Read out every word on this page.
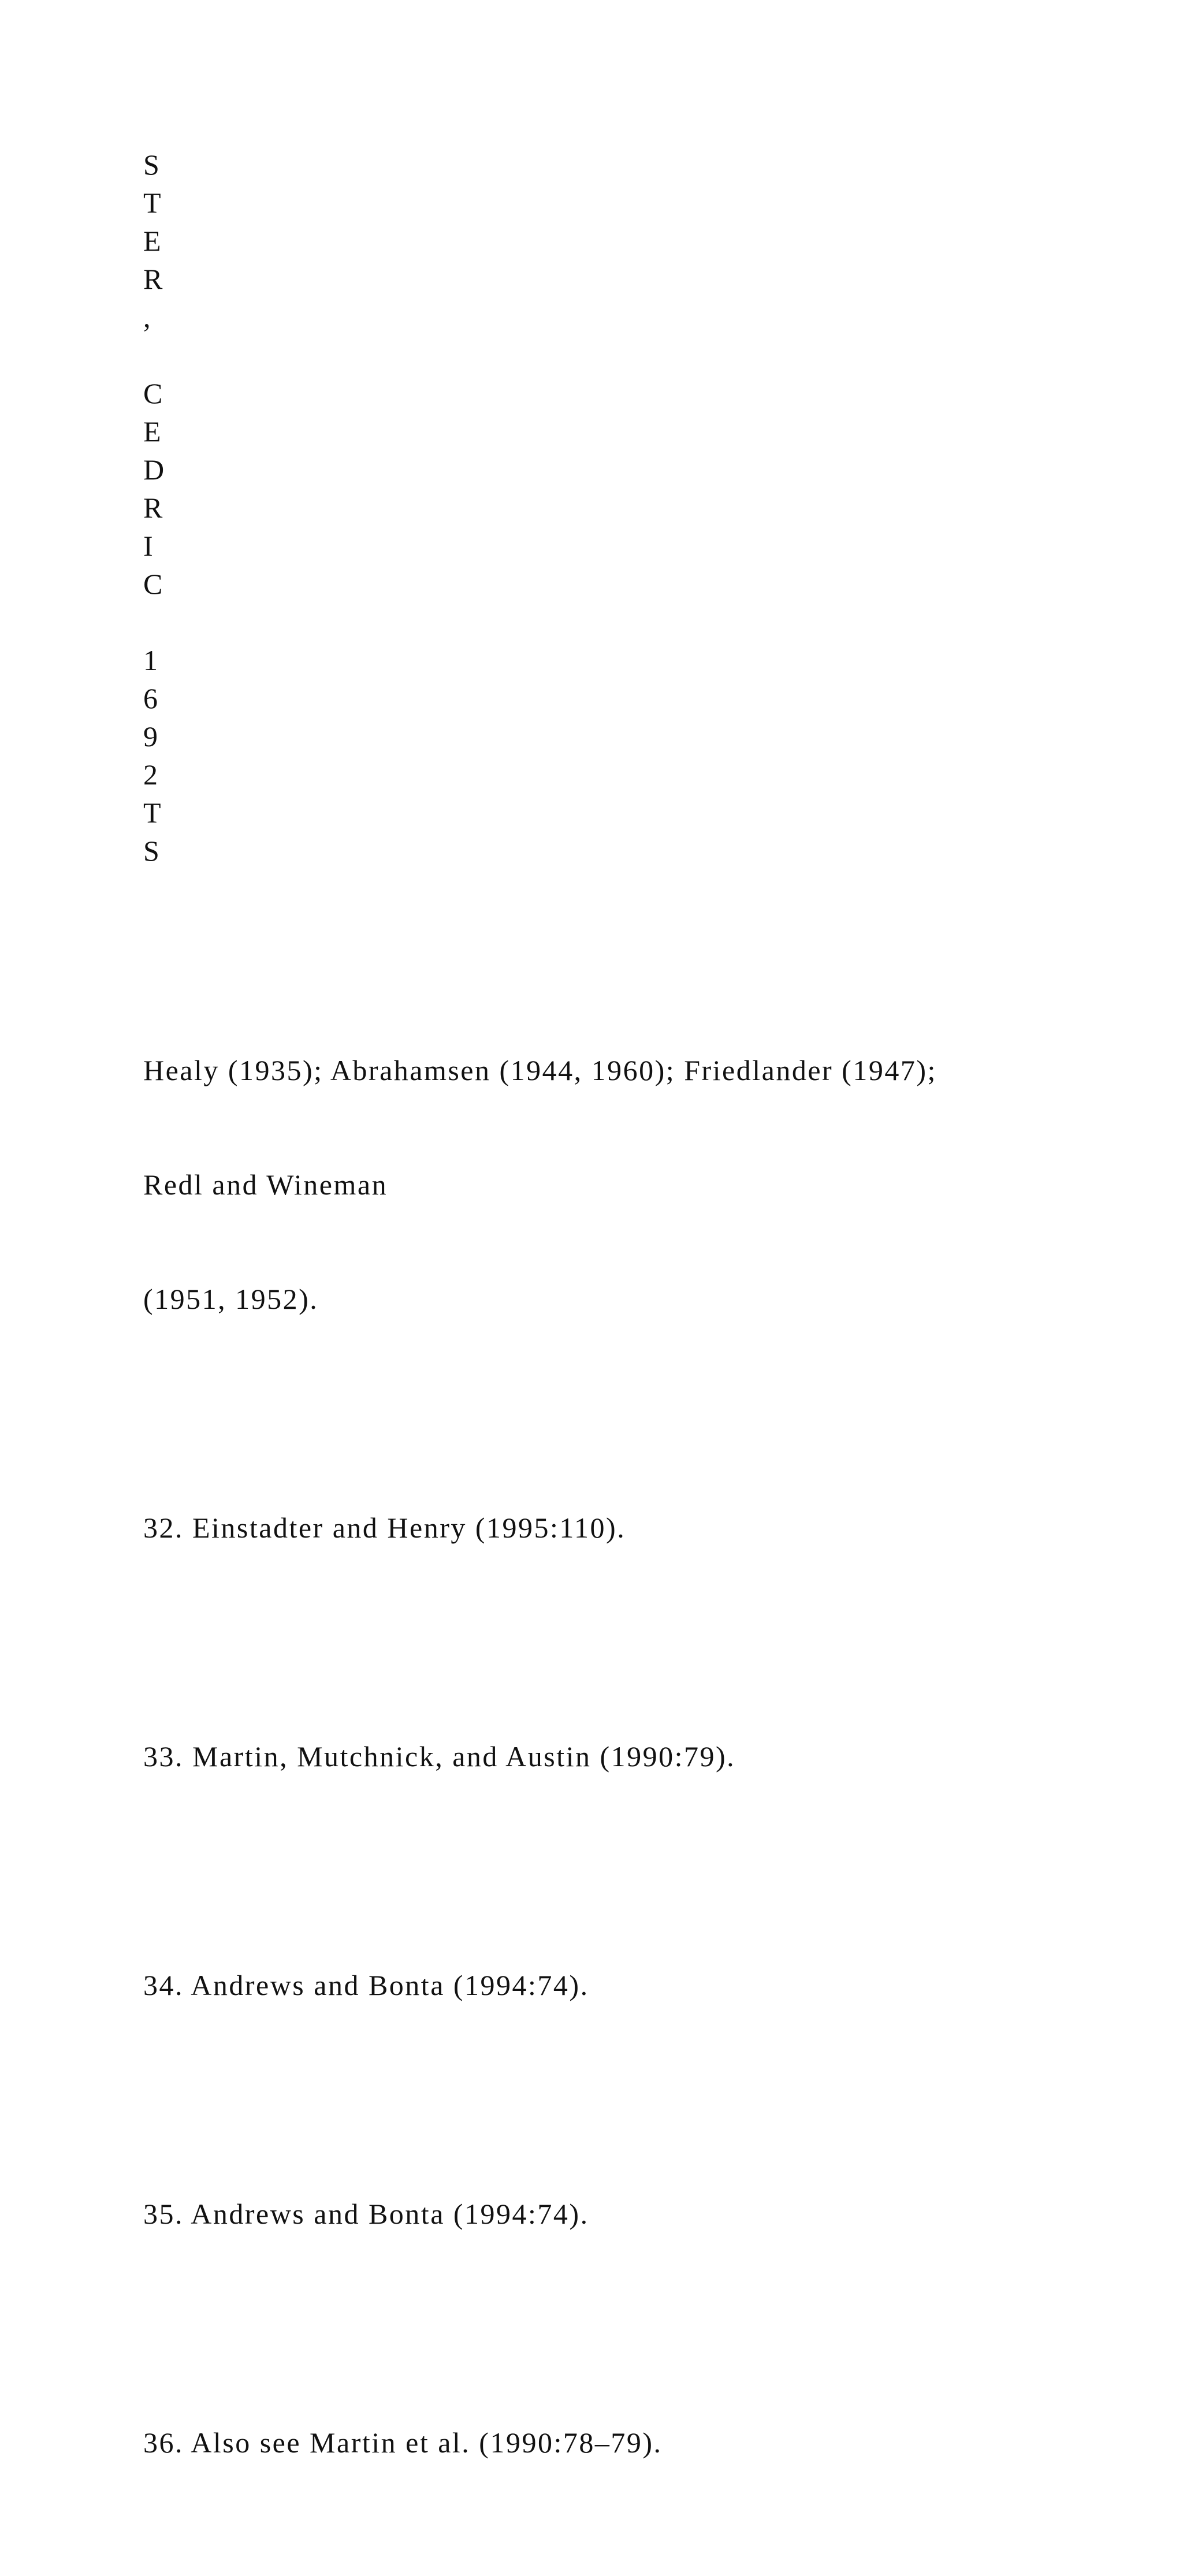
S
T
E
R
,
C
E
D
R
I
C
1
6
9
2
T
S

Healy (1935); Abrahamsen (1944, 1960); Friedlander (1947);

Redl and Wineman

(1951, 1952).

32. Einstadter and Henry (1995:110).

33. Martin, Mutchnick, and Austin (1990:79).

34. Andrews and Bonta (1994:74).

35. Andrews and Bonta (1994:74).

36. Also see Martin et al. (1990:78–79).
